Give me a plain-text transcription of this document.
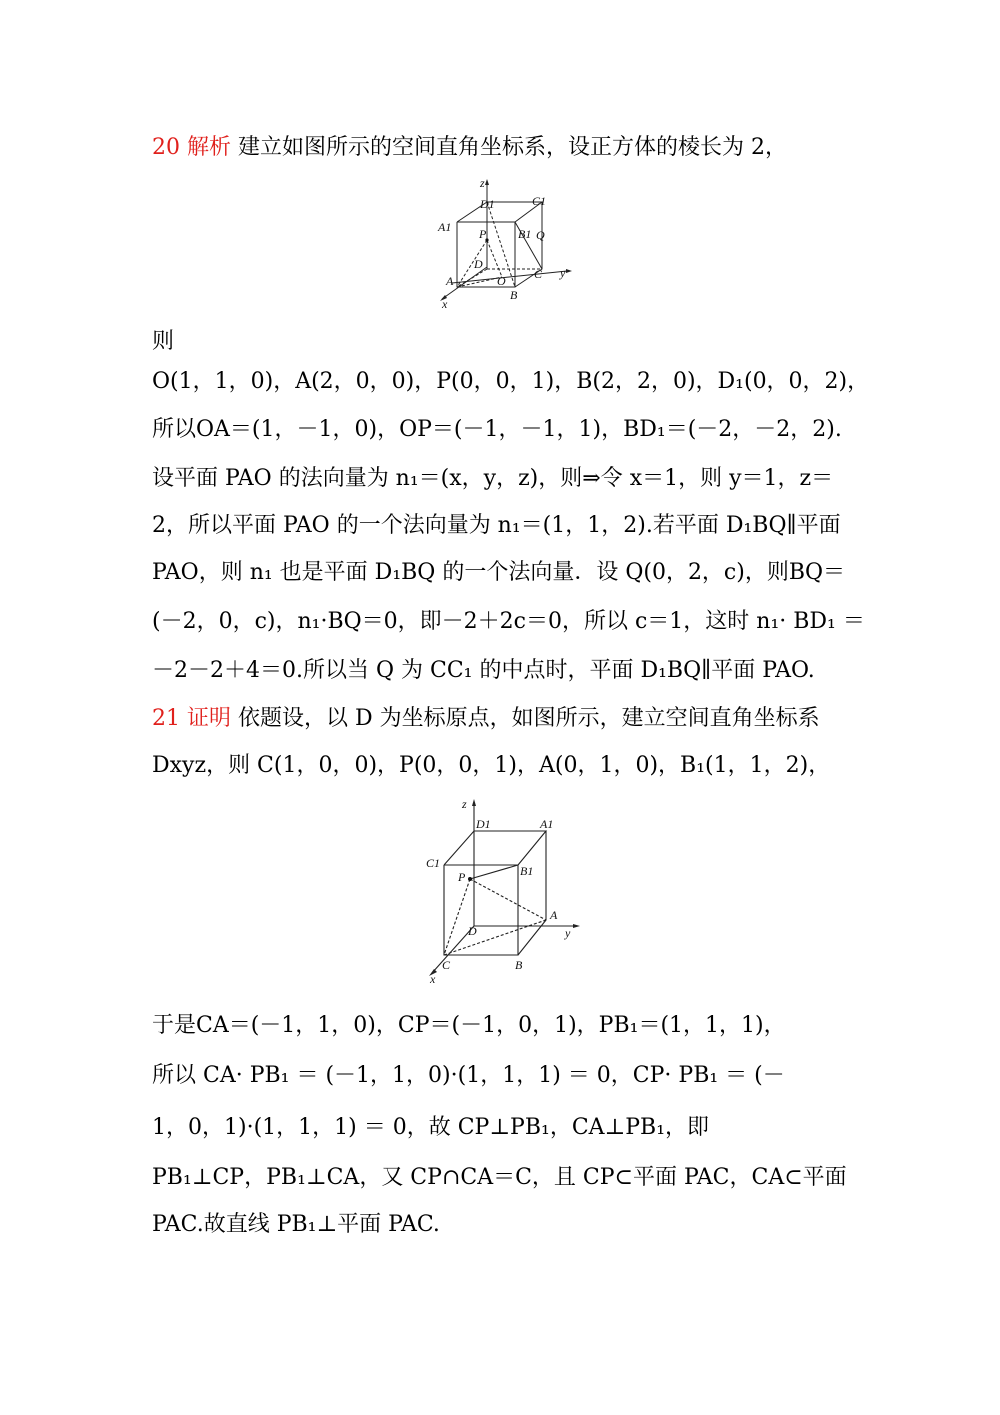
20 解析 建立如图所示的空间直角坐标系，设正方体的棱长为 2，
z
D1	C1
A1 P	B1 Q
D
A	O C y
B
x
则
O(1，1，0)，A(2，0，0)，P(0，0，1)，B(2，2，0)，D₁(0，0，2)，
所以OA＝(1，－1，0)，OP＝(－1，－1，1)，BD₁＝(－2，－2，2).
设平面 PAO 的法向量为 n₁＝(x，y，z)，则⇒令 x＝1，则 y＝1，z＝
2，所以平面 PAO 的一个法向量为 n₁＝(1，1，2).若平面 D₁BQ∥平面
PAO，则 n₁ 也是平面 D₁BQ 的一个法向量．设 Q(0，2，c)，则BQ＝
(－2，0，c)，n₁·BQ＝0，即－2＋2c＝0，所以 c＝1，这时 n₁· BD₁ ＝
－2－2＋4＝0.所以当 Q 为 CC₁ 的中点时，平面 D₁BQ∥平面 PAO.
21 证明 依题设，以 D 为坐标原点，如图所示，建立空间直角坐标系
Dxyz，则 C(1，0，0)，P(0，0，1)，A(0，1，0)，B₁(1，1，2)，
z
D1	A1
C1
P	B1
A
D	y
C	B
x
于是CA＝(－1，1，0)，CP＝(－1，0，1)，PB₁＝(1，1，1)，
所以 CA· PB₁ ＝ (－1，1，0)·(1，1，1) ＝ 0，CP· PB₁ ＝ (－
1，0，1)·(1，1，1) ＝ 0，故 CP⊥PB₁，CA⊥PB₁，即
PB₁⊥CP，PB₁⊥CA，又 CP∩CA＝C，且 CP⊂平面 PAC，CA⊂平面
PAC.故直线 PB₁⊥平面 PAC.
